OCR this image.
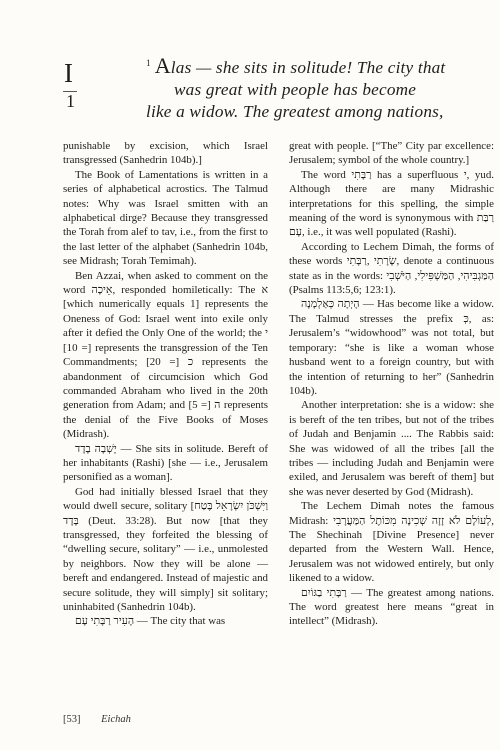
I
1

$^1$ Alas — she sits in solitude! The city that

was great with people has become

like a widow. The greatest among nations,

punishable by excision, which Israel transgressed (Sanhedrin 104b).]

The Book of Lamentations is written in a series of alphabetical acrostics. The Talmud notes: Why was Israel smitten with an alphabetical dirge? Because they transgressed the Torah from alef to tav, i.e., from the first to the last letter of the alphabet (Sanhedrin 104b, see Midrash; Torah Temimah).

Ben Azzai, when asked to comment on the word אֵיכָה, responded homiletically: The א [which numerically equals 1] represents the Oneness of God: Israel went into exile only after it defied the Only One of the world; the י [= 10] represents the transgression of the Ten Commandments; כ [= 20] represents the abandonment of circumcision which God commanded Abraham who lived in the 20th generation from Adam; and ה [= 5] represents the denial of the Five Books of Moses (Midrash).

יָשְׁבָה בָדָד — She sits in solitude. Bereft of her inhabitants (Rashi) [she — i.e., Jerusalem personified as a woman].

God had initially blessed Israel that they would dwell secure, solitary [וַיִּשְׁכֹּן יִשְׂרָאֵל בֶּטַח בָּדָד (Deut. 33:28). But now [that they transgressed, they forfeited the blessing of “dwelling secure, solitary” — i.e., unmolested by neighbors. Now they will be alone — bereft and endangered. Instead of majestic and secure solitude, they will simply] sit solitary; uninhabited (Sanhedrin 104b).

הָעִיר רַבָּתִי עָם — The city that was

great with people. [“The” City par excellence: Jerusalem; symbol of the whole country.]

The word רַבָּתִי has a superfluous י, yud. Although there are many Midrashic interpretations for this spelling, the simple meaning of the word is synonymous with רַבַּת עָם, i.e., it was well populated (Rashi).

According to Lechem Dimah, the forms of these words שָׂרָתִי ,רַבָּתִי, denote a continuous state as in the words: הַמַּגְבִּיהִי, הַמַּשְׁפִּילִי, הַיֹּשְׁבִי (Psalms 113:5,6; 123:1).

הָיְתָה כְּאַלְמָנָה — Has become like a widow. The Talmud stresses the prefix כְּ, as: Jerusalem’s “widowhood” was not total, but temporary: “she is like a woman whose husband went to a foreign country, but with the intention of returning to her” (Sanhedrin 104b).

Another interpretation: she is a widow: she is bereft of the ten tribes, but not of the tribes of Judah and Benjamin .... The Rabbis said: She was widowed of all the tribes [all the tribes — including Judah and Benjamin were exiled, and Jerusalem was bereft of them] but she was never deserted by God (Midrash).

The Lechem Dimah notes the famous Midrash: לְעוֹלָם לֹא זָזָה שְׁכִינָה מִכּוֹתֶל הַמַּעֲרָבִי, The Shechinah [Divine Presence] never departed from the Western Wall. Hence, Jerusalem was not widowed entirely, but only likened to a widow.

רַבָּתִי בַגּוֹיִם — The greatest among nations. The word greatest here means “great in intellect” (Midrash).

[53] Eichah
